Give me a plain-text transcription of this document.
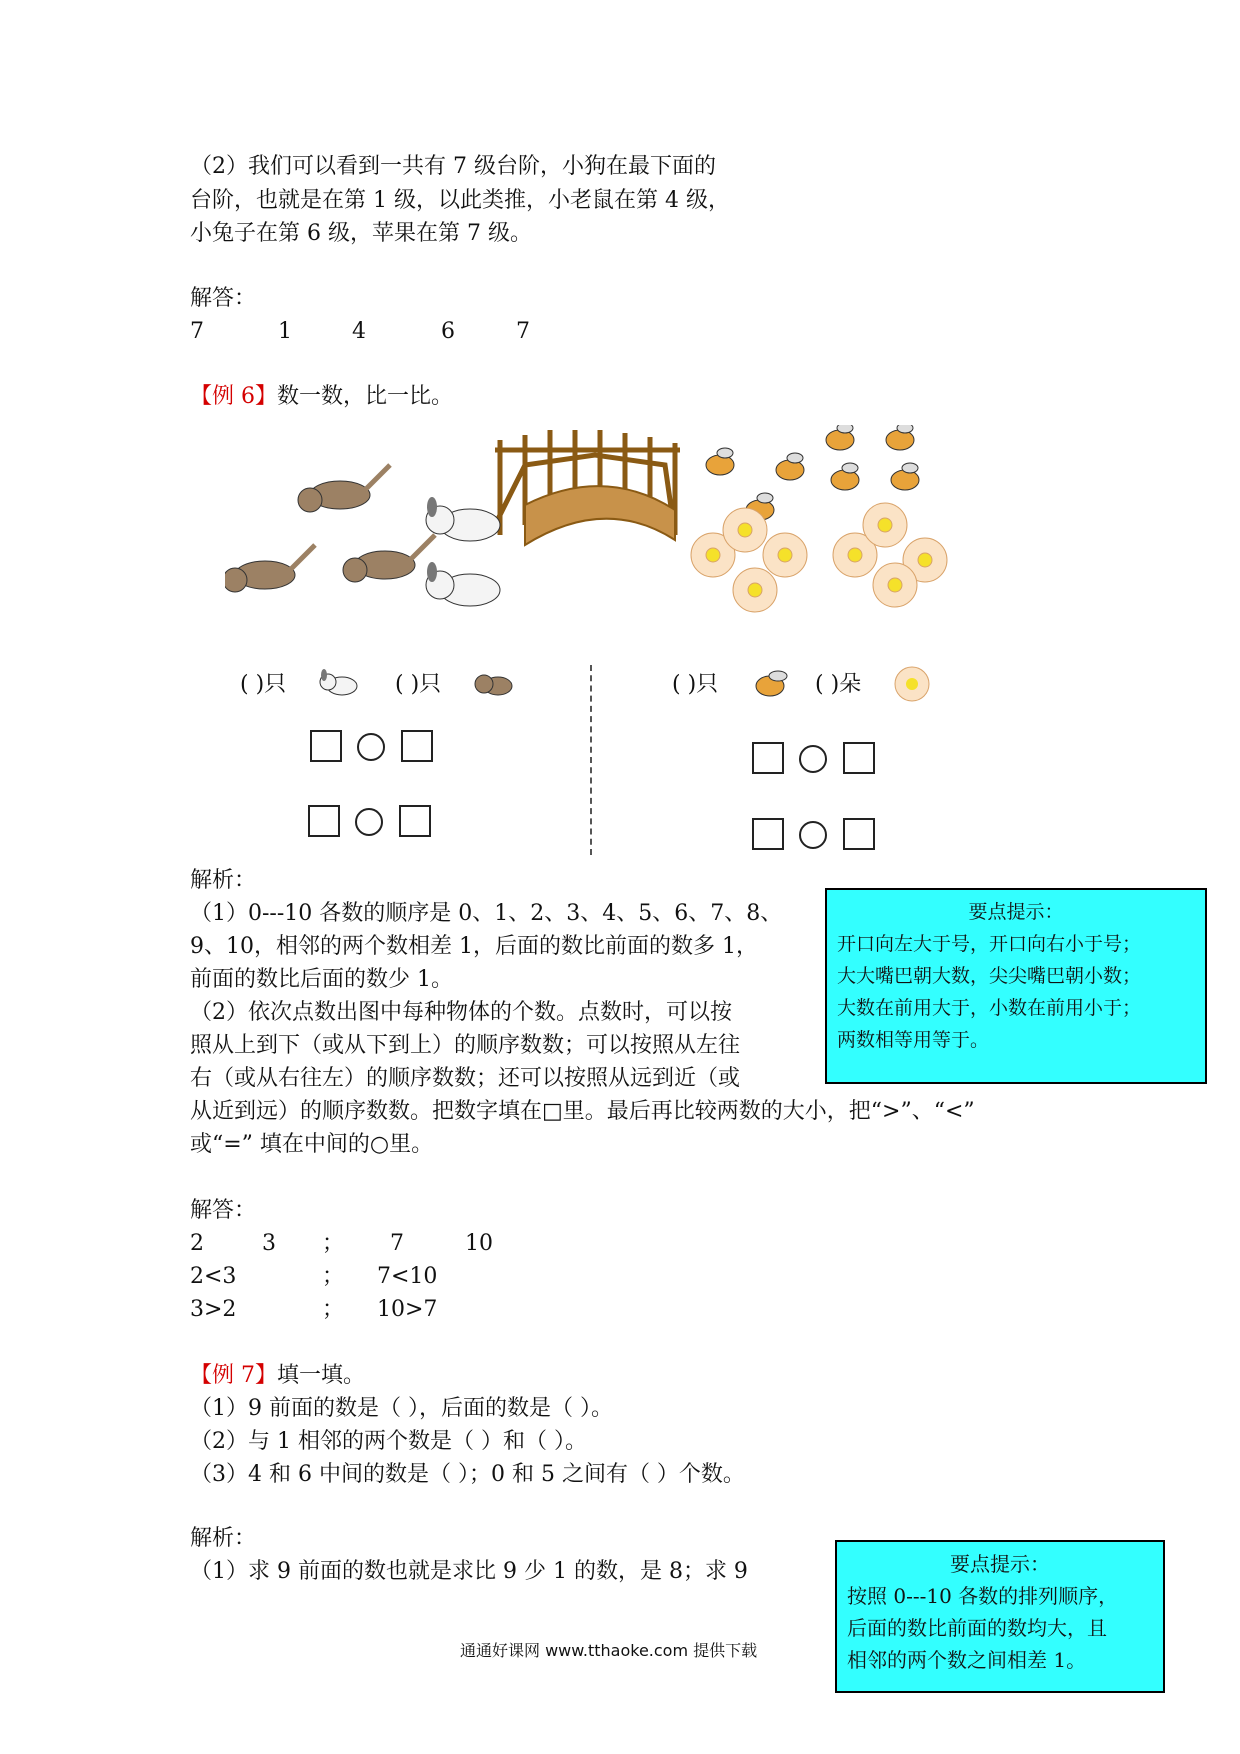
（2）我们可以看到一共有 7 级台阶，小狗在最下面的
台阶，也就是在第 1 级，以此类推，小老鼠在第 4 级，
小兔子在第 6 级，苹果在第 7 级。
解答：
7	1	4	6	7
【例 6】数一数，比一比。
( )只	( )只	( )只	( )朵
解析：
（1）0---10 各数的顺序是 0、1、2、3、4、5、6、7、8、
9、10，相邻的两个数相差 1，后面的数比前面的数多 1，
前面的数比后面的数少 1。
（2）依次点数出图中每种物体的个数。点数时，可以按
照从上到下（或从下到上）的顺序数数；可以按照从左往
右（或从右往左）的顺序数数；还可以按照从远到近（或
从近到远）的顺序数数。把数字填在□里。最后再比较两数的大小，把“>”、“<”
或“=” 填在中间的○里。
要点提示：
开口向左大于号，开口向右小于号；
大大嘴巴朝大数，尖尖嘴巴朝小数；
大数在前用大于，小数在前用小于；
两数相等用等于。
解答：
2	3 ； 7	10
2<3	； 7<10
3>2	； 10>7
【例 7】填一填。
（1）9 前面的数是（ ），后面的数是（ ）。
（2）与 1 相邻的两个数是（ ）和（ ）。
（3）4 和 6 中间的数是（ ）；0 和 5 之间有（ ）个数。
解析：
（1）求 9 前面的数也就是求比 9 少 1 的数，是 8；求 9	要点提示：
按照 0---10 各数的排列顺序，
后面的数比前面的数均大，且
相邻的两个数之间相差 1。
通通好课网 www.tthaoke.com 提供下载
